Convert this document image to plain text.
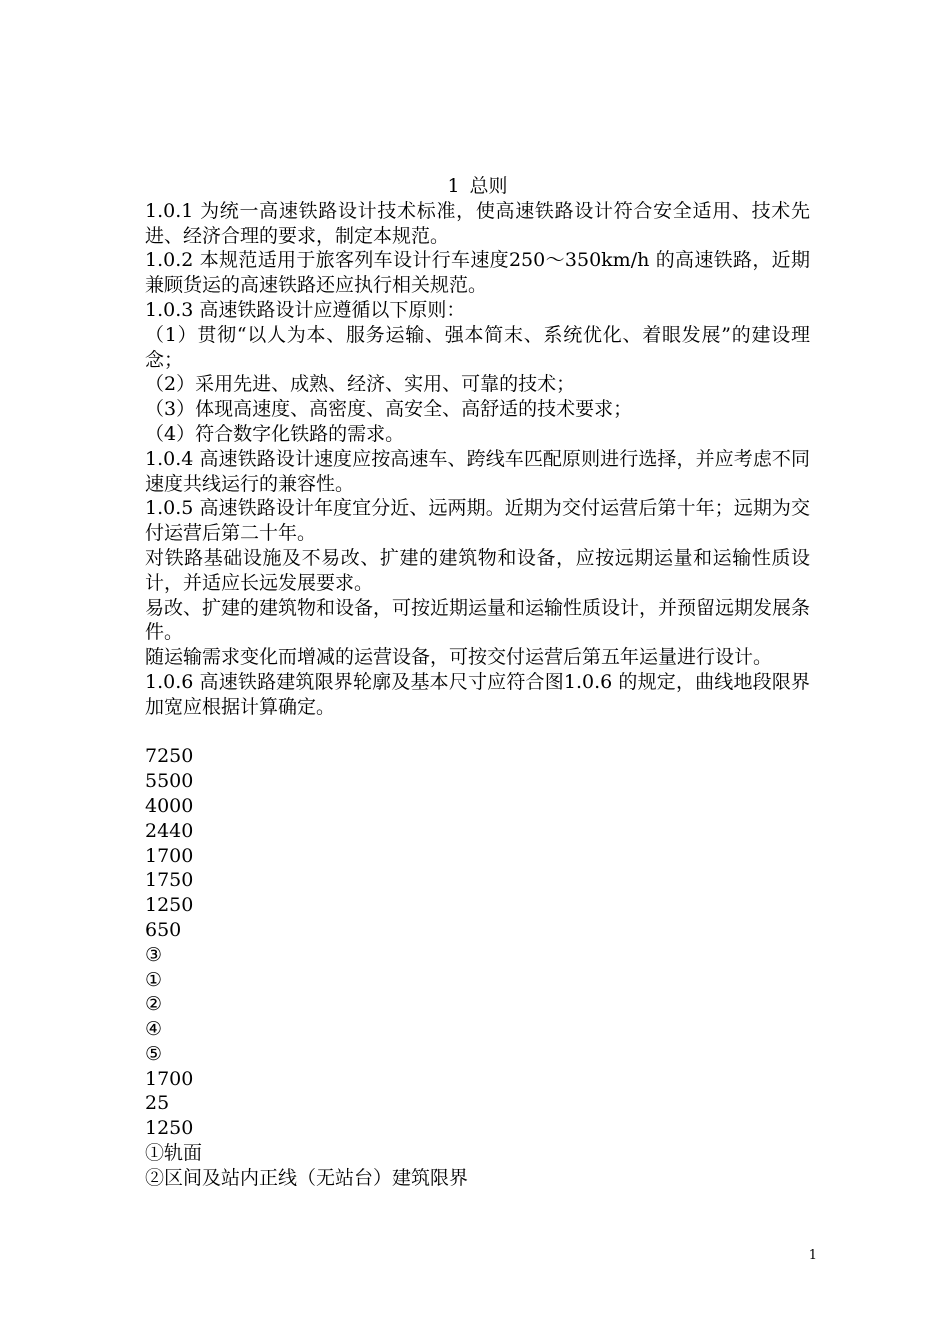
1 总则

1.0.1 为统一高速铁路设计技术标准，使高速铁路设计符合安全适用、技术先进、经济合理的要求，制定本规范。

1.0.2 本规范适用于旅客列车设计行车速度250～350km/h 的高速铁路，近期兼顾货运的高速铁路还应执行相关规范。

1.0.3 高速铁路设计应遵循以下原则：

（1）贯彻“以人为本、服务运输、强本简末、系统优化、着眼发展”的建设理念；

（2）采用先进、成熟、经济、实用、可靠的技术；

（3）体现高速度、高密度、高安全、高舒适的技术要求；

（4）符合数字化铁路的需求。

1.0.4 高速铁路设计速度应按高速车、跨线车匹配原则进行选择，并应考虑不同速度共线运行的兼容性。

1.0.5 高速铁路设计年度宜分近、远两期。近期为交付运营后第十年；远期为交付运营后第二十年。

对铁路基础设施及不易改、扩建的建筑物和设备，应按远期运量和运输性质设计，并适应长远发展要求。

易改、扩建的建筑物和设备，可按近期运量和运输性质设计，并预留远期发展条件。

随运输需求变化而增减的运营设备，可按交付运营后第五年运量进行设计。

1.0.6 高速铁路建筑限界轮廓及基本尺寸应符合图1.0.6 的规定，曲线地段限界加宽应根据计算确定。

7250
5500
4000
2440
1700
1750
1250
650
③
①
②
④
⑤
1700
25
1250
①轨面
②区间及站内正线（无站台）建筑限界
1
